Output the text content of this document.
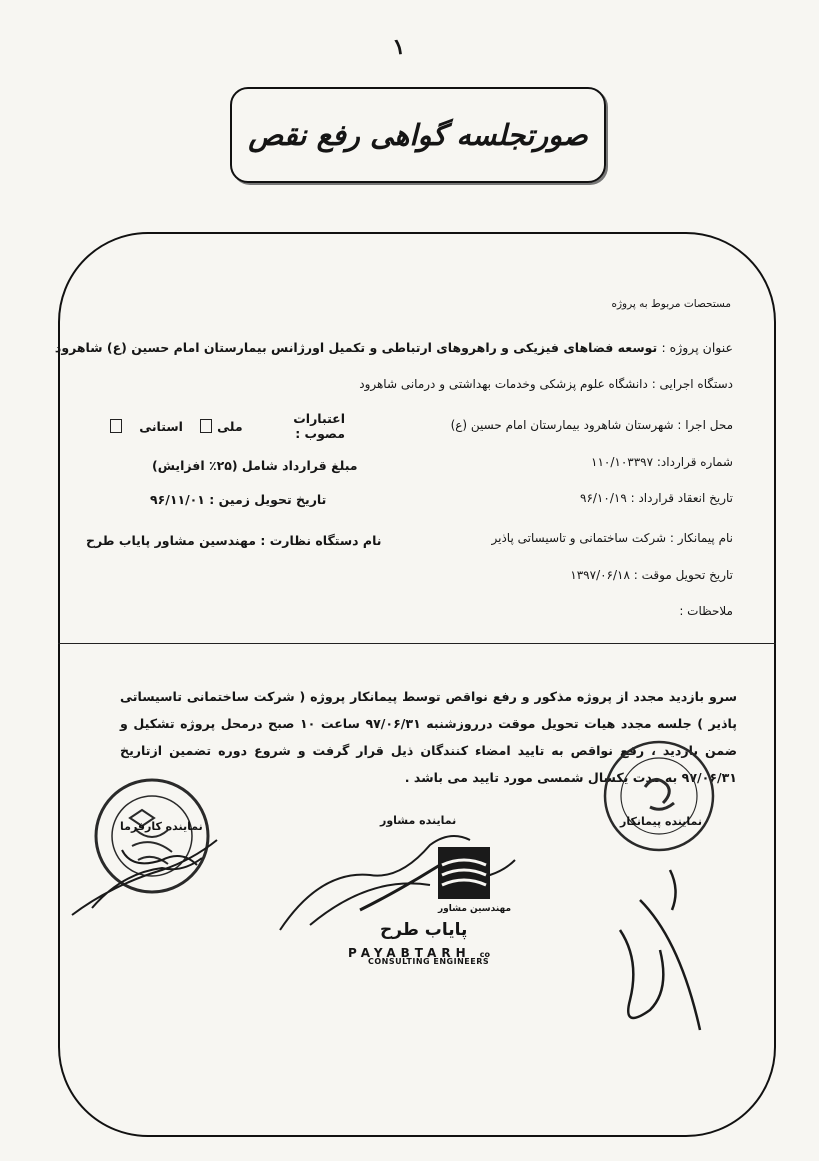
١
صورتجلسه گواهی رفع نقص
مستحصات مربوط به پروژه
عنوان پروژه : توسعه فضاهای فیزیکی و راهروهای ارتباطی و تکمیل اورژانس بیمارستان امام حسین (ع) شاهرود
دستگاه اجرایی : دانشگاه علوم پزشکی وخدمات بهداشتی و درمانی شاهرود
محل اجرا : شهرستان شاهرود بیمارستان امام حسین (ع)
شماره قرارداد: ۱۱۰/۱۰۳۳۹۷
تاریخ انعقاد قرارداد : ۹۶/۱۰/۱۹
نام پیمانکار : شرکت ساختمانی و تاسیساتی پاذیر
تاریخ تحویل موقت : ۱۳۹۷/۰۶/۱۸
ملاحظات :
اعتبارات مصوب :
ملی
استانی
مبلغ قرارداد شامل (۲۵٪ افزایش)
تاریخ تحویل زمین : ۹۶/۱۱/۰۱
نام دستگاه نظارت : مهندسین مشاور پایاب طرح
سرو بازدید مجدد از پروژه مذکور و رفع نواقص توسط پیمانکار پروژه ( شرکت ساختمانی تاسیساتی پاذیر ) جلسه مجدد هیات تحویل موقت درروزشنبه ۹۷/۰۶/۳۱ ساعت ۱۰ صبح درمحل پروژه تشکیل و ضمن بازدید ، رفع نواقص به تایید امضاء کنندگان ذیل قرار گرفت و شروع دوره تضمین ازتاریخ ۹۷/۰۶/۳۱ به مدت یکسال شمسی مورد تایید می باشد .
نماینده کارفرما	نماینده مشاور
مهندسین مشاور
پایاب طرح
PAYABTARH co
CONSULTING ENGINEERS
نماینده پیمانکار
